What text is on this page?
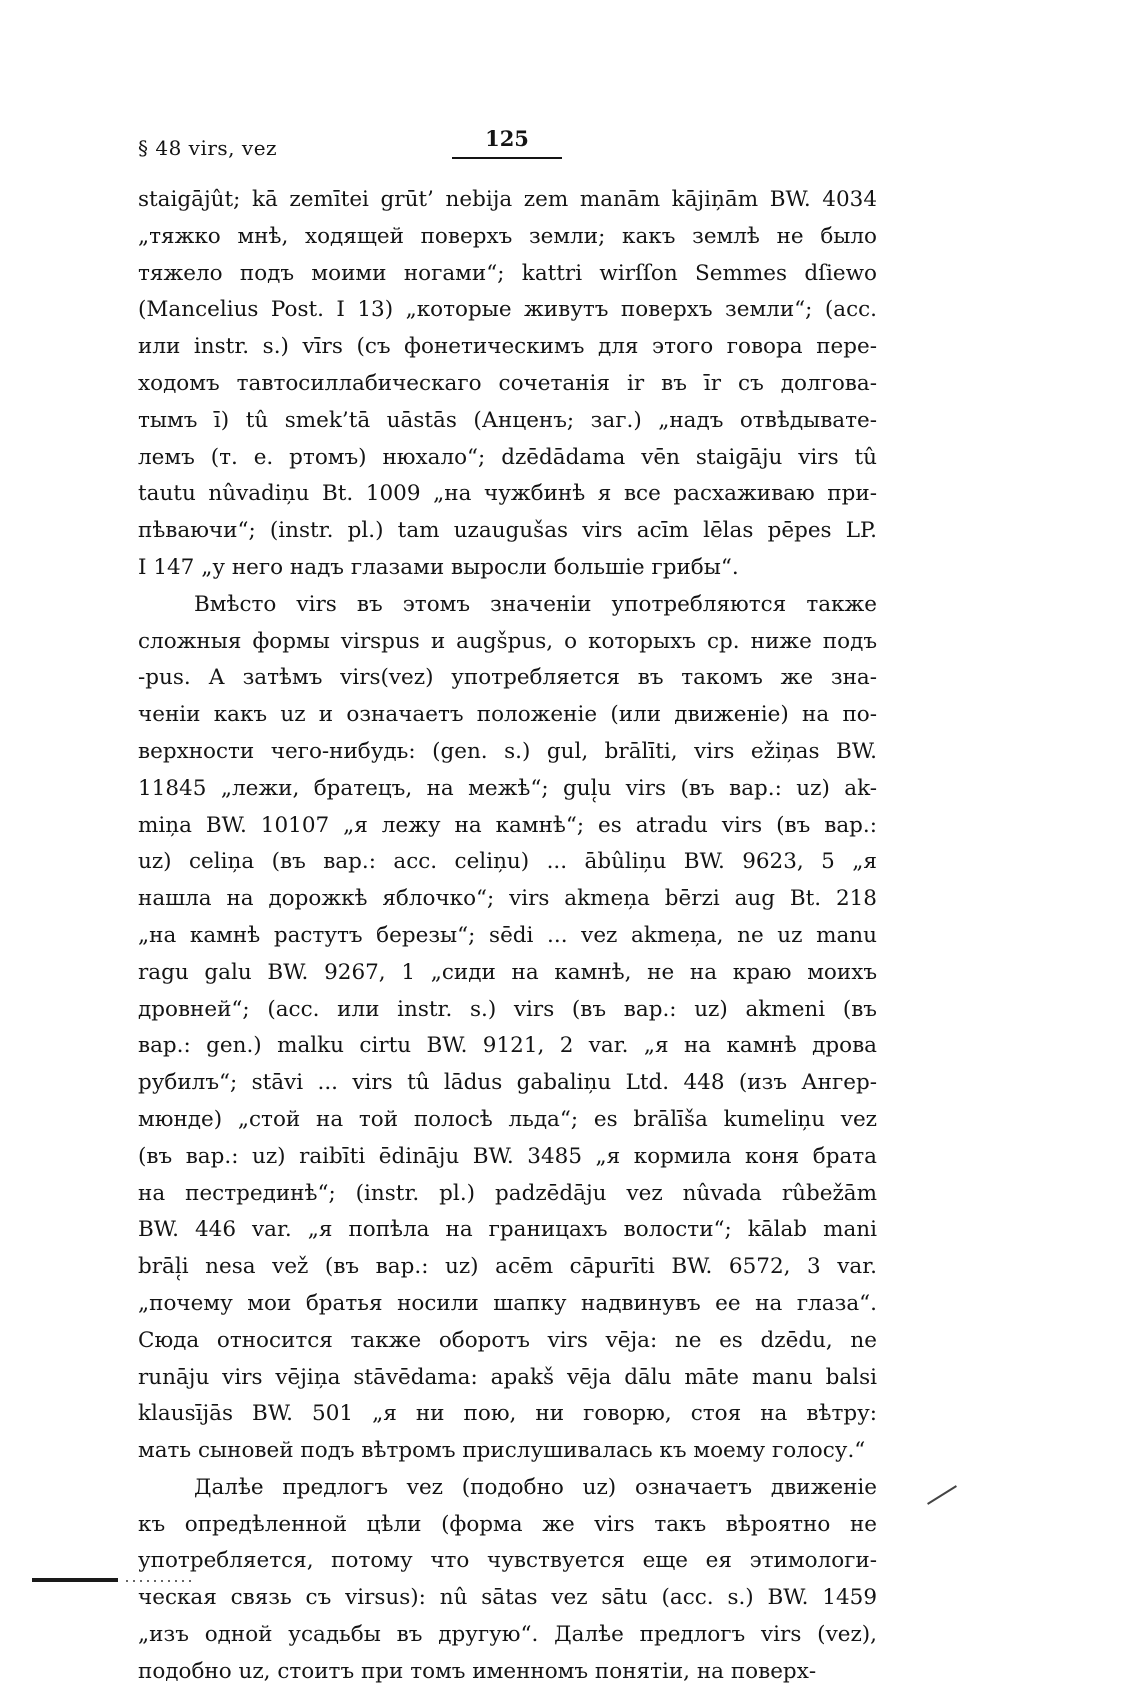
§ 48 virs, vez	125
staigājût; kā zemītei grūt’ nebija zem manām kājiņām BW. 4034
„тяжко мнѣ, ходящей поверхъ земли; какъ землѣ не было
тяжело подъ моими ногами“; kattri wirſſon Semmes dſiewo
(Mancelius Post. I 13) „которые живутъ поверхъ земли“; (acc.
или instr. s.) vīrs (съ фонетическимъ для этого говора пере-
ходомъ тавтосиллабическаго сочетанія ir въ īr съ долгова-
тымъ ī) tû smek’tā uāstās (Анценъ; заг.) „надъ отвѣдывате-
лемъ (т. е. ртомъ) нюхало“; dzēdādama vēn staigāju virs tû
tautu nûvadiņu Bt. 1009 „на чужбинѣ я все расхаживаю при-
пѣваючи“; (instr. pl.) tam uzaugušas virs acīm lēlas pēpes LP.
I 147 „у него надъ глазами выросли большіе грибы“.
Вмѣсто virs въ этомъ значеніи употребляются также
сложныя формы virspus и augšpus, о которыхъ ср. ниже подъ
-pus. А затѣмъ virs(vez) употребляется въ такомъ же зна-
ченіи какъ uz и означаетъ положеніе (или движеніе) на по-
верхности чего-нибудь: (gen. s.) gul, brālīti, virs ežiņas BW.
11845 „лежи, братецъ, на межѣ“; gul̜u virs (въ вар.: uz) ak-
miņa BW. 10107 „я лежу на камнѣ“; es atradu virs (въ вар.:
uz) celiņa (въ вар.: acc. celiņu) ... ābûliņu BW. 9623, 5 „я
нашла на дорожкѣ яблочко“; virs akmeņa bērzi aug Bt. 218
„на камнѣ растутъ березы“; sēdi ... vez akmeņa, ne uz manu
ragu galu BW. 9267, 1 „сиди на камнѣ, не на краю моихъ
дровней“; (acc. или instr. s.) virs (въ вар.: uz) akmeni (въ
вар.: gen.) malku cirtu BW. 9121, 2 var. „я на камнѣ дрова
рубилъ“; stāvi ... virs tû lādus gabaliņu Ltd. 448 (изъ Ангер-
мюнде) „стой на той полосѣ льда“; es brālīša kumeliņu vez
(въ вар.: uz) raibīti ēdināju BW. 3485 „я кормила коня брата
на пестрединѣ“; (instr. pl.) padzēdāju vez nûvada rûbežām
BW. 446 var. „я попѣла на границахъ волости“; kālab mani
brāl̜i nesa vež (въ вар.: uz) acēm cāpurīti BW. 6572, 3 var.
„почему мои братья носили шапку надвинувъ ее на глаза“.
Сюда относится также оборотъ virs vēja: ne es dzēdu, ne
runāju virs vējiņa stāvēdama: apakš vēja dālu māte manu balsi
klausījās BW. 501 „я ни пою, ни говорю, стоя на вѣтру:
мать сыновей подъ вѣтромъ прислушивалась къ моему голосу.“
Далѣе предлогъ vez (подобно uz) означаетъ движеніе
къ опредѣленной цѣли (форма же virs такъ вѣроятно не
употребляется, потому что чувствуется еще ея этимологи-
ческая связь съ virsus): nû sātas vez sātu (acc. s.) BW. 1459
„изъ одной усадьбы въ другую“. Далѣе предлогъ virs (vez),
подобно uz, стоитъ при томъ именномъ понятіи, на поверх-
